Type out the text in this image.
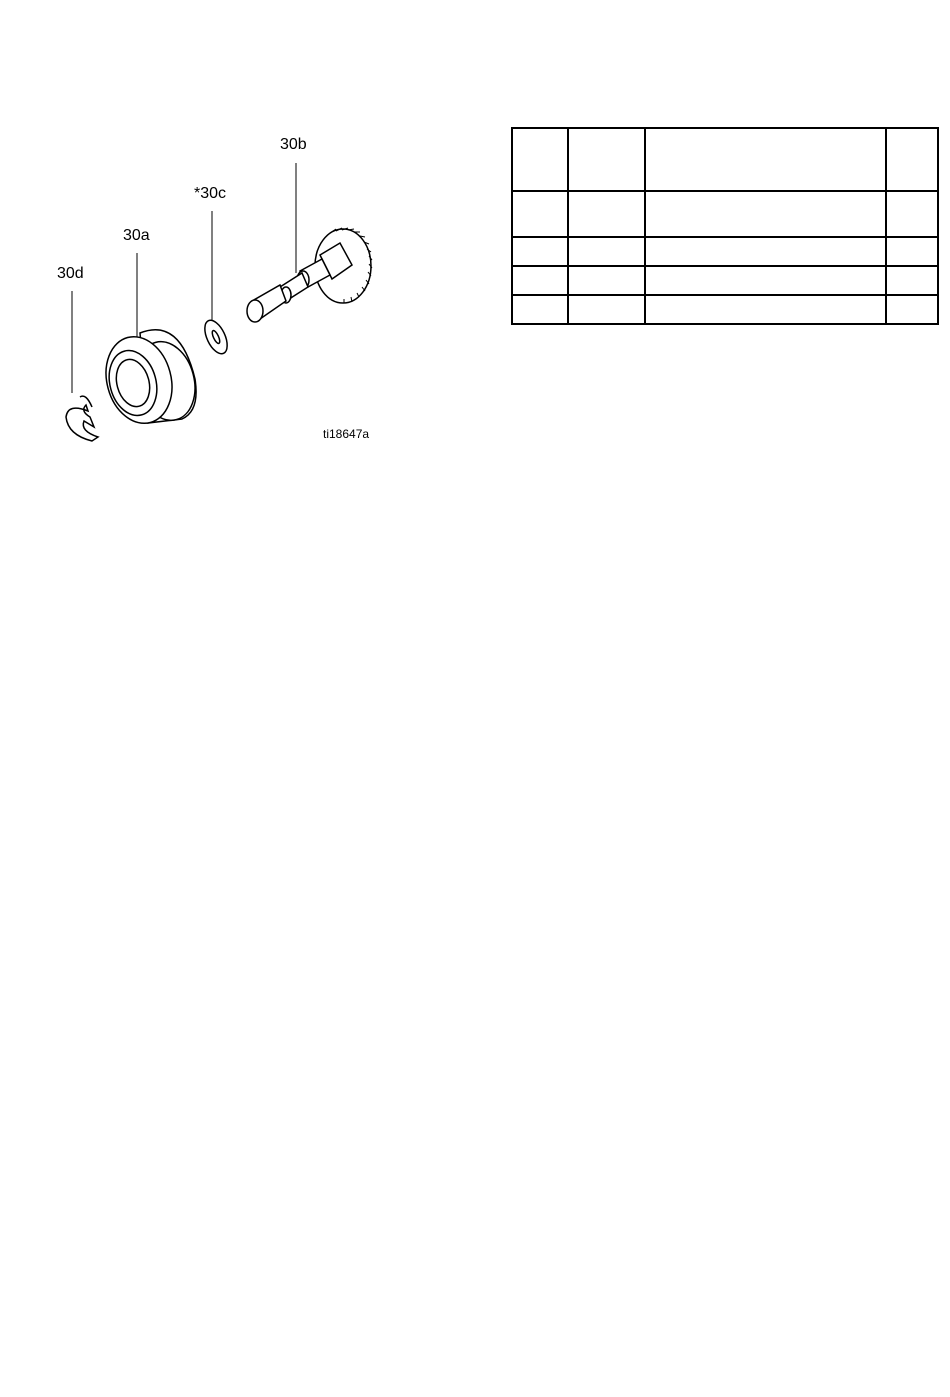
30b
*30c
30a
30d
ti18647a
